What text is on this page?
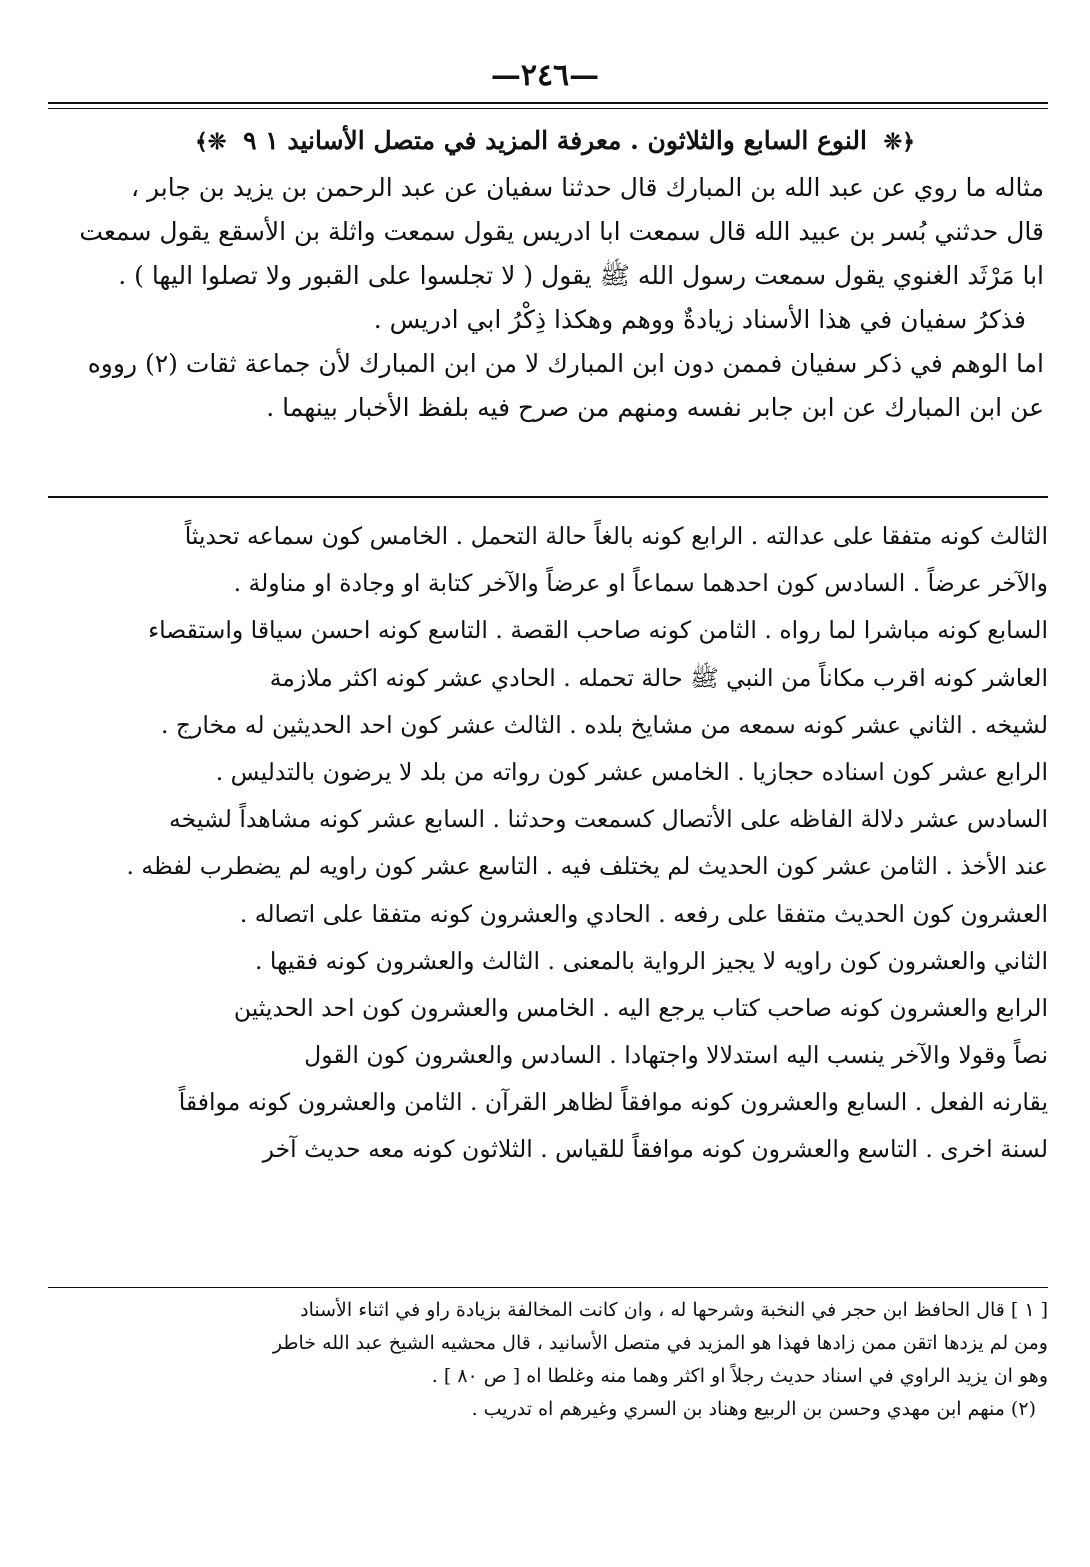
—٢٤٦—
﴾❊ النوع السابع والثلاثون . معرفة المزيد في متصل الأسانيد ١ ٩ ❊﴿
مثاله ما روي عن عبد الله بن المبارك قال حدثنا سفيان عن عبد الرحمن بن يزيد بن جابر ،
قال حدثني بُسر بن عبيد الله قال سمعت ابا ادريس يقول سمعت واثلة بن الأسقع يقول سمعت
ابا مَرْثَد الغنوي يقول سمعت رسول الله ﷺ يقول ( لا تجلسوا على القبور ولا تصلوا اليها ) .
فذكرُ سفيان في هذا الأسناد زيادةٌ ووهم وهكذا ذِكْرُ ابي ادريس .
اما الوهم في ذكر سفيان فممن دون ابن المبارك لا من ابن المبارك لأن جماعة ثقات (٢) رووه
عن ابن المبارك عن ابن جابر نفسه ومنهم من صرح فيه بلفظ الأخبار بينهما .
الثالث كونه متفقا على عدالته . الرابع كونه بالغاً حالة التحمل . الخامس كون سماعه تحديثاً
والآخر عرضاً . السادس كون احدهما سماعاً او عرضاً والآخر كتابة او وجادة او مناولة .
السابع كونه مباشرا لما رواه . الثامن كونه صاحب القصة . التاسع كونه احسن سياقا واستقصاء
العاشر كونه اقرب مكاناً من النبي ﷺ حالة تحمله . الحادي عشر كونه اكثر ملازمة
لشيخه . الثاني عشر كونه سمعه من مشايخ بلده . الثالث عشر كون احد الحديثين له مخارج .
الرابع عشر كون اسناده حجازيا . الخامس عشر كون رواته من بلد لا يرضون بالتدليس .
السادس عشر دلالة الفاظه على الأتصال كسمعت وحدثنا . السابع عشر كونه مشاهداً لشيخه
عند الأخذ . الثامن عشر كون الحديث لم يختلف فيه . التاسع عشر كون راويه لم يضطرب لفظه .
العشرون كون الحديث متفقا على رفعه . الحادي والعشرون كونه متفقا على اتصاله .
الثاني والعشرون كون راويه لا يجيز الرواية بالمعنى . الثالث والعشرون كونه فقيها .
الرابع والعشرون كونه صاحب كتاب يرجع اليه . الخامس والعشرون كون احد الحديثين
نصاً وقولا والآخر ينسب اليه استدلالا واجتهادا . السادس والعشرون كون القول
يقارنه الفعل . السابع والعشرون كونه موافقاً لظاهر القرآن . الثامن والعشرون كونه موافقاً
لسنة اخرى . التاسع والعشرون كونه موافقاً للقياس . الثلاثون كونه معه حديث آخر
[ ١ ] قال الحافظ ابن حجر في النخبة وشرحها له ، وان كانت المخالفة بزيادة راو في اثناء الأسناد
ومن لم يزدها اتقن ممن زادها فهذا هو المزيد في متصل الأسانيد ، قال محشيه الشيخ عبد الله خاطر
وهو ان يزيد الراوي في اسناد حديث رجلاً او اكثر وهما منه وغلطا اه [ ص ٨٠ ] .
(٢) منهم ابن مهدي وحسن بن الربيع وهناد بن السري وغيرهم اه تدريب .
